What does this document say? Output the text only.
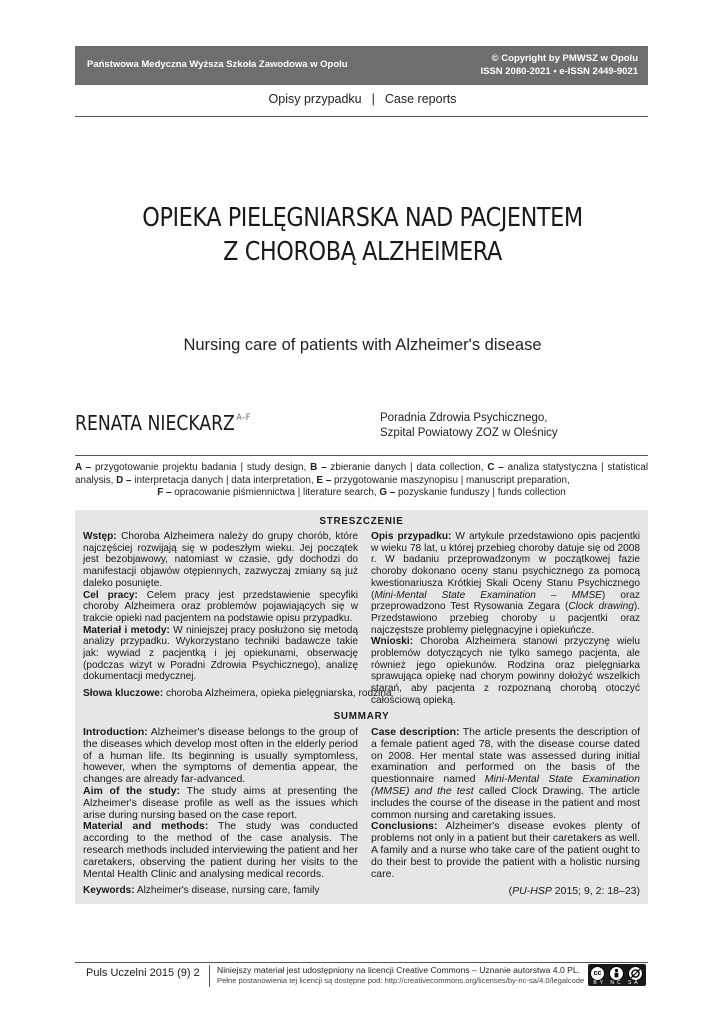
Państwowa Medyczna Wyższa Szkoła Zawodowa w Opolu
© Copyright by PMWSZ w Opolu
ISSN 2080-2021 • e-ISSN 2449-9021
Opisy przypadku | Case reports
OPIEKA PIELĘGNIARSKA NAD PACJENTEM
Z CHOROBĄ ALZHEIMERA
Nursing care of patients with Alzheimer's disease
RENATA NIECKARZ $^{A-F}$	Poradnia Zdrowia Psychicznego,
Szpital Powiatowy ZOZ w Oleśnicy
A – przygotowanie projektu badania | study design, B – zbieranie danych | data collection, C – analiza statystyczna | statistical analysis, D – interpretacja danych | data interpretation, E – przygotowanie maszynopisu | manuscript preparation,
F – opracowanie piśmiennictwa | literature search, G – pozyskanie funduszy | funds collection
STRESZCZENIE

Wstęp: Choroba Alzheimera należy do grupy chorób, które najczęściej rozwijają się w podeszłym wieku. Jej początek jest bezobjawowy, natomiast w czasie, gdy dochodzi do manifestacji objawów otępiennych, zazwyczaj zmiany są już daleko posunięte.

Cel pracy: Celem pracy jest przedstawienie specyfiki choroby Alzheimera oraz problemów pojawiających się w trakcie opieki nad pacjentem na podstawie opisu przypadku.

Materiał i metody: W niniejszej pracy posłużono się metodą analizy przypadku. Wykorzystano techniki badawcze takie jak: wywiad z pacjentką i jej opiekunami, obserwację (podczas wizyt w Poradni Zdrowia Psychicznego), analizę dokumentacji medycznej.

Opis przypadku: W artykule przedstawiono opis pacjentki w wieku 78 lat, u której przebieg choroby datuje się od 2008 r. W badaniu przeprowadzonym w początkowej fazie choroby dokonano oceny stanu psychicznego za pomocą kwestionariusza Krótkiej Skali Oceny Stanu Psychicznego (Mini-Mental State Examination – MMSE) oraz przeprowadzono Test Rysowania Zegara (Clock drawing). Przedstawiono przebieg choroby u pacjentki oraz najczęstsze problemy pielęgnacyjne i opiekuńcze.

Wnioski: Choroba Alzheimera stanowi przyczynę wielu problemów dotyczących nie tylko samego pacjenta, ale również jego opiekunów. Rodzina oraz pielęgniarka sprawująca opiekę nad chorym powinny dołożyć wszelkich starań, aby pacjenta z rozpoznaną chorobą otoczyć całościową opieką.

Słowa kluczowe: choroba Alzheimera, opieka pielęgniarska, rodzina
SUMMARY

Introduction: Alzheimer's disease belongs to the group of the diseases which develop most often in the elderly period of a human life. Its beginning is usually symptomless, however, when the symptoms of dementia appear, the changes are already far-advanced.

Aim of the study: The study aims at presenting the Alzheimer's disease profile as well as the issues which arise during nursing based on the case report.

Material and methods: The study was conducted according to the method of the case analysis. The research methods included interviewing the patient and her caretakers, observing the patient during her visits to the Mental Health Clinic and analysing medical records.

Case description: The article presents the description of a female patient aged 78, with the disease course dated on 2008. Her mental state was assessed during initial examination and performed on the basis of the questionnaire named Mini-Mental State Examination (MMSE) and the test called Clock Drawing. The article includes the course of the disease in the patient and most common nursing and caretaking issues.

Conclusions: Alzheimer's disease evokes plenty of problems not only in a patient but their caretakers as well. A family and a nurse who take care of the patient ought to do their best to provide the patient with a holistic nursing care.

Keywords: Alzheimer's disease, nursing care, family	(PU-HSP 2015; 9, 2: 18–23)
Puls Uczelni 2015 (9) 2 Niniejszy materiał jest udostępniony na licencji Creative Commons – Uznanie autorstwa 4.0 PL.
Pełne postanowienia tej licencji są dostępne pod: http://creativecommons.org/licenses/by-nc-sa/4.0/legalcode
cc
BY NC SA
